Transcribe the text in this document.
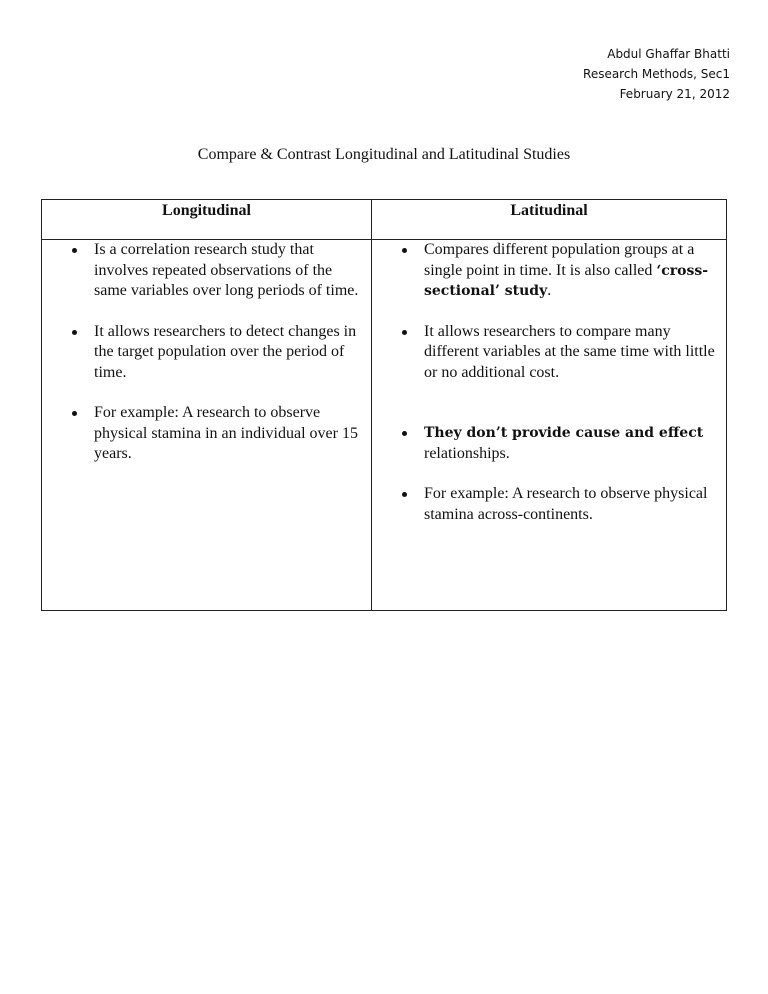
Abdul Ghaffar Bhatti
Research Methods, Sec1
February 21, 2012
Compare & Contrast Longitudinal and Latitudinal Studies
Longitudinal	Latitudinal
Is a correlation research study that involves repeated observations of the same variables over long periods of time.
It allows researchers to detect changes in the target population over the period of time.
For example: A research to observe physical stamina in an individual over 15 years.
Compares different population groups at a single point in time. It is also called ‘cross-sectional’ study.
It allows researchers to compare many different variables at the same time with little or no additional cost.
They don’t provide cause and effect relationships.
For example: A research to observe physical stamina across-continents.
